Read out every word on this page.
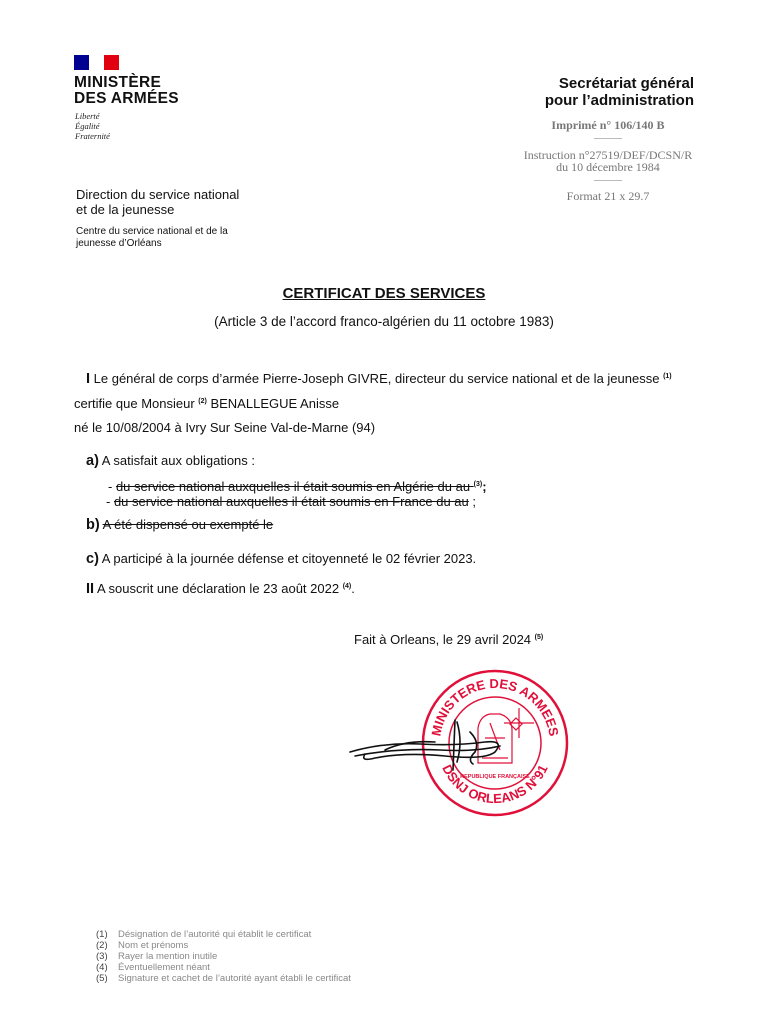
MINISTÈRE
DES ARMÉES
Liberté
Égalité
Fraternité
Secrétariat général
pour l’administration
Imprimé n° 106/140 B
Instruction n°27519/DEF/DCSN/R
du 10 décembre 1984
Format 21 x 29.7
Direction du service national
et de la jeunesse
Centre du service national et de la
jeunesse d’Orléans
CERTIFICAT DES SERVICES
(Article 3 de l’accord franco-algérien du 11 octobre 1983)
I Le général de corps d’armée Pierre-Joseph GIVRE, directeur du service national et de la jeunesse $^{(1)}$
certifie que Monsieur $^{(2)}$ BENALLEGUE Anisse
né le 10/08/2004 à Ivry Sur Seine Val-de-Marne (94)
a) A satisfait aux obligations :
- du service national auxquelles il était soumis en Algérie du au $^{(3)}$;
- du service national auxquelles il était soumis en France du au ;
b) A été dispensé ou exempté le
c) A participé à la journée défense et citoyenneté le 02 février 2023.
II A souscrit une déclaration le 23 août 2022 $^{(4)}$.
Fait à Orleans, le 29 avril 2024 $^{(5)}$
MINISTERE DES ARMEES
DSNJ ORLEANS N°91
REPUBLIQUE FRANÇAISE
(1) Désignation de l’autorité qui établit le certificat
(2) Nom et prénoms
(3) Rayer la mention inutile
(4) Éventuellement néant
(5) Signature et cachet de l’autorité ayant établi le certificat
